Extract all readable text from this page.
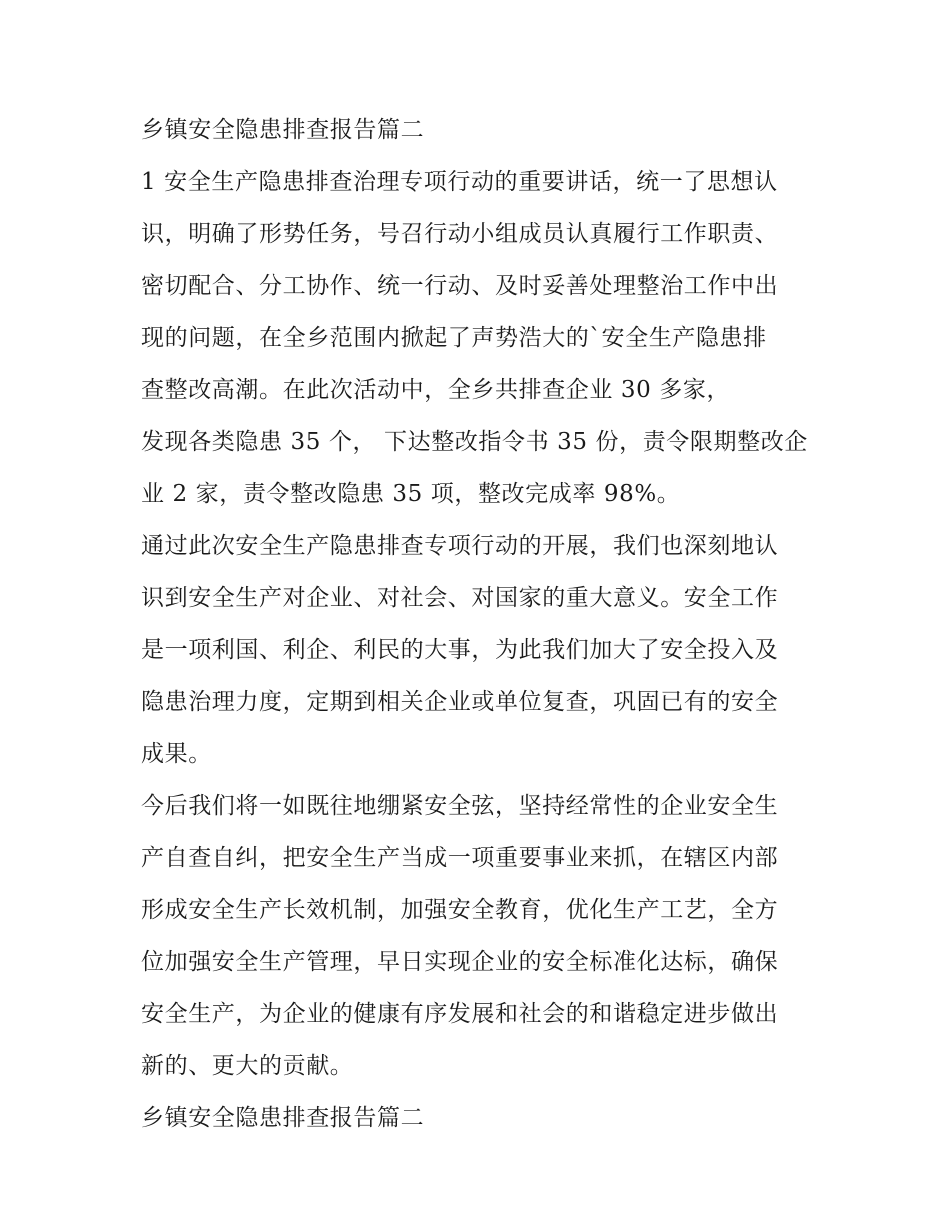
乡镇安全隐患排查报告篇二
1 安全生产隐患排查治理专项行动的重要讲话，统一了思想认
识，明确了形势任务，号召行动小组成员认真履行工作职责、
密切配合、分工协作、统一行动、及时妥善处理整治工作中出
现的问题，在全乡范围内掀起了声势浩大的`安全生产隐患排
查整改高潮。在此次活动中，全乡共排查企业 30 多家，
发现各类隐患 35 个， 下达整改指令书 35 份，责令限期整改企
业 2 家，责令整改隐患 35 项，整改完成率 98%。
通过此次安全生产隐患排查专项行动的开展，我们也深刻地认
识到安全生产对企业、对社会、对国家的重大意义。安全工作
是一项利国、利企、利民的大事，为此我们加大了安全投入及
隐患治理力度，定期到相关企业或单位复查，巩固已有的安全
成果。
今后我们将一如既往地绷紧安全弦，坚持经常性的企业安全生
产自查自纠，把安全生产当成一项重要事业来抓，在辖区内部
形成安全生产长效机制，加强安全教育，优化生产工艺，全方
位加强安全生产管理，早日实现企业的安全标准化达标，确保
安全生产，为企业的健康有序发展和社会的和谐稳定进步做出
新的、更大的贡献。
乡镇安全隐患排查报告篇二
